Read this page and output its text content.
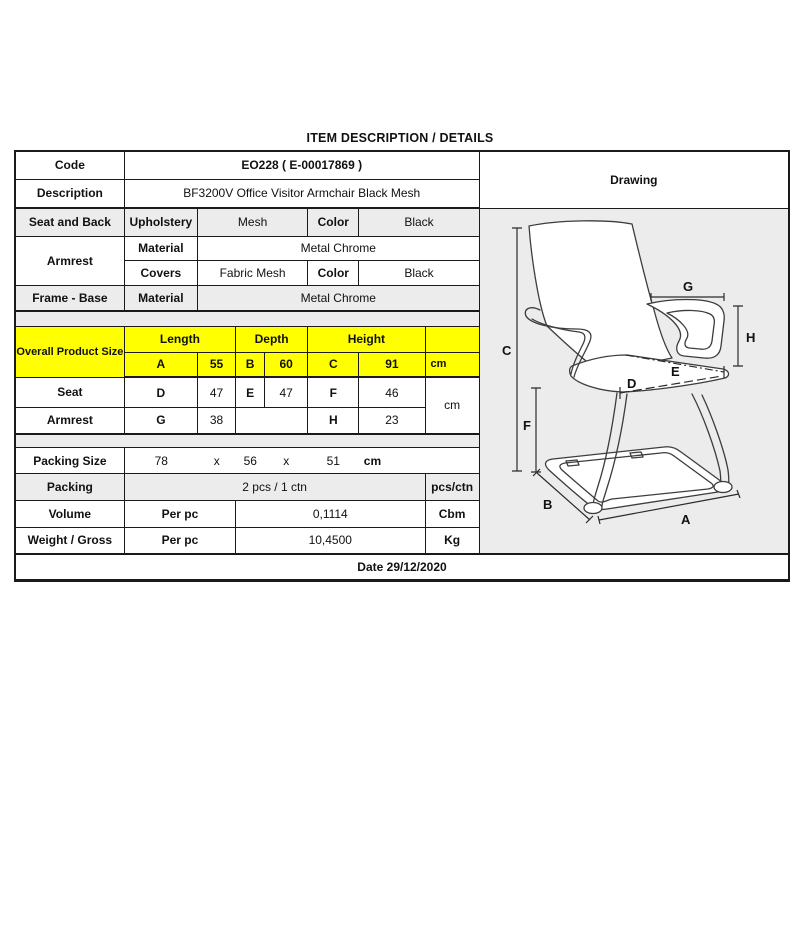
ITEM DESCRIPTION / DETAILS
Code	EO228 ( E-00017869 )							Drawing
Description	BF3200V Office Visitor Armchair Black Mesh							
Seat and Back	Upholstery	Mesh	Color	Black	
C
F
G
H
E
D
B
A

Armrest	Material	Metal Chrome						
	Covers	Fabric Mesh			Color	Black		
Frame - Base	Material	Metal Chrome						

Overall Product Size	Length		Depth		Height			
	A	55	B	60	C	91	cm	
Seat	D	47	E	47	F	46	cm	
Armrest	G	38			H	23		

Packing Size	78	x	56	x	51	cm

Packing	2 pcs / 1 ctn						pcs/ctn	
Volume	Per pc		0,1114				Cbm	
Weight / Gross	Per pc		10,4500				Kg	
Date 29/12/2020								
